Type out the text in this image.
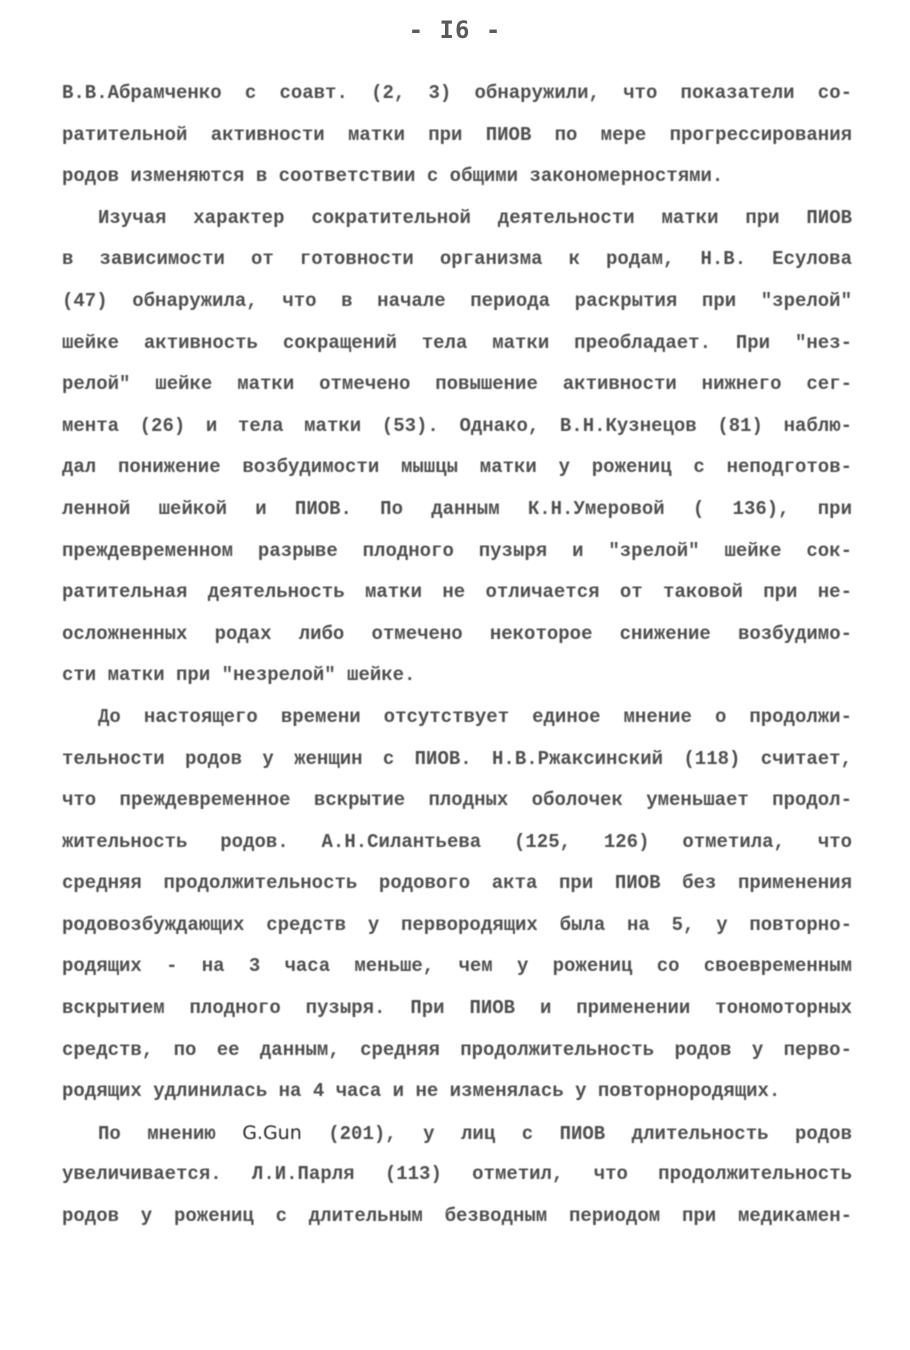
- I6 -
В.В.Абрамченко с соавт. (2, 3) обнаружили, что показатели со-
ратительной активности матки при ПИОВ по мере прогрессирования
родов изменяются в соответствии с общими закономерностями.
Изучая характер сократительной деятельности матки при ПИОВ
в зависимости от готовности организма к родам, Н.В. Есулова
(47) обнаружила, что в начале периода раскрытия при "зрелой"
шейке активность сокращений тела матки преобладает. При "нез-
релой" шейке матки отмечено повышение активности нижнего сег-
мента (26) и тела матки (53). Однако, В.Н.Кузнецов (81) наблю-
дал понижение возбудимости мышцы матки у рожениц с неподготов-
ленной шейкой и ПИОВ. По данным К.Н.Умеровой ( 136), при
преждевременном разрыве плодного пузыря и "зрелой" шейке сок-
ратительная деятельность матки не отличается от таковой при не-
осложненных родах либо отмечено некоторое снижение возбудимо-
сти матки при "незрелой" шейке.
До настоящего времени отсутствует единое мнение о продолжи-
тельности родов у женщин с ПИОВ. Н.В.Ржаксинский (118) считает,
что преждевременное вскрытие плодных оболочек уменьшает продол-
жительность родов. А.Н.Силантьева (125, 126) отметила, что
средняя продолжительность родового акта при ПИОВ без применения
родовозбуждающих средств у первородящих была на 5, у повторно-
родящих - на 3 часа меньше, чем у рожениц со своевременным
вскрытием плодного пузыря. При ПИОВ и применении тономоторных
средств, по ее данным, средняя продолжительность родов у перво-
родящих удлинилась на 4 часа и не изменялась у повторнородящих.
По мнению G.Gun (201), у лиц с ПИОВ длительность родов
увеличивается. Л.И.Парля (113) отметил, что продолжительность
родов у рожениц с длительным безводным периодом при медикамен-
